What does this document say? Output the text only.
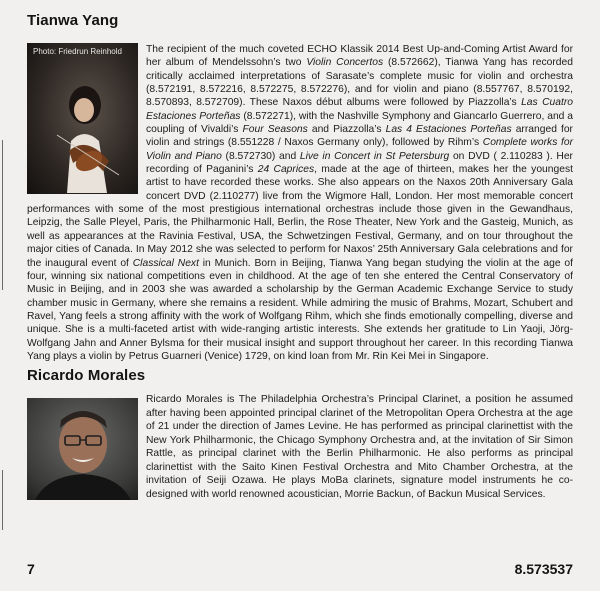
Tianwa Yang
Photo: Friedrun Reinhold	The recipient of the much coveted ECHO Klassik 2014 Best Up-and-Coming Artist Award for her album of Mendelssohn’s two Violin Concertos (8.572662), Tianwa Yang has recorded critically acclaimed interpretations of Sarasate’s complete music for violin and orchestra (8.572191, 8.572216, 8.572275, 8.572276), and for violin and piano (8.557767, 8.570192, 8.570893, 8.572709). These Naxos début albums were followed by Piazzolla’s Las Cuatro Estaciones Porteñas (8.572271), with the Nashville Symphony and Giancarlo Guerrero, and a coupling of Vivaldi’s Four Seasons and Piazzolla’s Las 4 Estaciones Porteñas arranged for violin and strings (8.551228 / Naxos Germany only), followed by Rihm’s Complete works for Violin and Piano (8.572730) and Live in Concert in St Petersburg on DVD ( 2.110283 ). Her recording of Paganini’s 24 Caprices, made at the age of thirteen, makes her the youngest artist to have recorded these works. She also appears on the Naxos 20th Anniversary Gala concert DVD (2.110277) live from the Wigmore Hall, London. Her most memorable concert performances with some of the most prestigious international orchestras include those given in the Gewandhaus, Leipzig, the Salle Pleyel, Paris, the Philharmonic Hall, Berlin, the Rose Theater, New York and the Gasteig, Munich, as well as appearances at the Ravinia Festival, USA, the Schwetzingen Festival, Germany, and on tour throughout the major cities of Canada. In May 2012 she was selected to perform for Naxos’ 25th Anniversary Gala celebrations and for the inaugural event of Classical Next in Munich. Born in Beijing, Tianwa Yang began studying the violin at the age of four, winning six national competitions even in childhood. At the age of ten she entered the Central Conservatory of Music in Beijing, and in 2003 she was awarded a scholarship by the German Academic Exchange Service to study chamber music in Germany, where she remains a resident. While admiring the music of Brahms, Mozart, Schubert and Ravel, Yang feels a strong affinity with the work of Wolfgang Rihm, which she finds emotionally compelling, diverse and unique. She is a multi-faceted artist with wide-ranging artistic interests. She extends her gratitude to Lin Yaoji, Jörg-Wolfgang Jahn and Anner Bylsma for their musical insight and support throughout her career. In this recording Tianwa Yang plays a violin by Petrus Guarneri (Venice) 1729, on kind loan from Mr. Rin Kei Mei in Singapore.
Ricardo Morales
Ricardo Morales is The Philadelphia Orchestra’s Principal Clarinet, a position he assumed after having been appointed principal clarinet of the Metropolitan Opera Orchestra at the age of 21 under the direction of James Levine. He has performed as principal clarinettist with the New York Philharmonic, the Chicago Symphony Orchestra and, at the invitation of Sir Simon Rattle, as principal clarinet with the Berlin Philharmonic. He also performs as principal clarinettist with the Saito Kinen Festival Orchestra and Mito Chamber Orchestra, at the invitation of Seiji Ozawa. He plays MoBa clarinets, signature model instruments he co-designed with world renowned acoustician, Morrie Backun, of Backun Musical Services.
7	8.573537
